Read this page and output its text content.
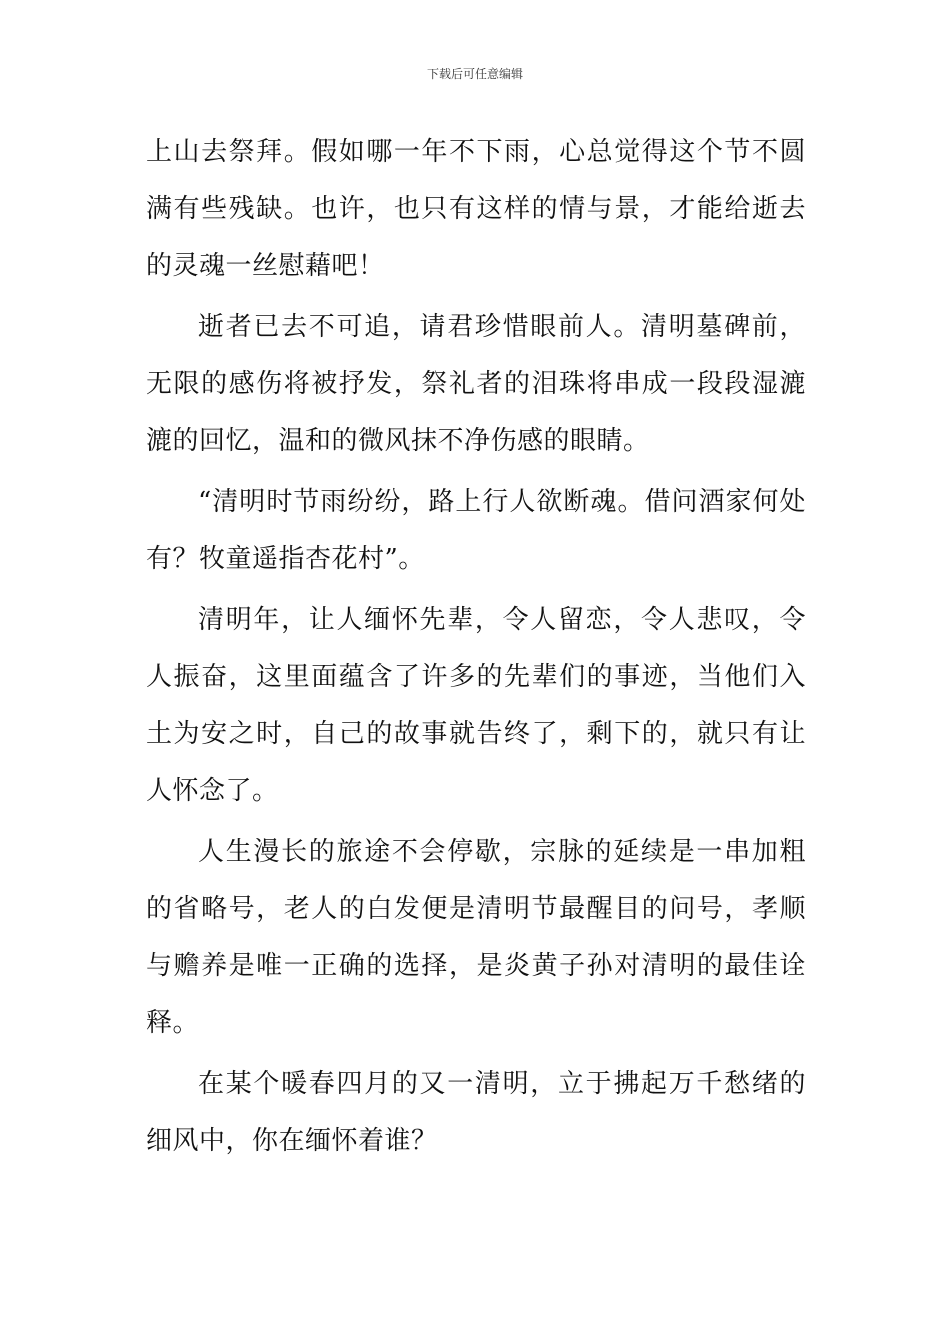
下载后可任意编辑

上山去祭拜。假如哪一年不下雨，心总觉得这个节不圆满有些残缺。也许，也只有这样的情与景，才能给逝去的灵魂一丝慰藉吧！

逝者已去不可追，请君珍惜眼前人。清明墓碑前，无限的感伤将被抒发，祭礼者的泪珠将串成一段段湿漉漉的回忆，温和的微风抹不净伤感的眼睛。

“清明时节雨纷纷，路上行人欲断魂。借问酒家何处有？牧童遥指杏花村”。

清明年，让人缅怀先辈，令人留恋，令人悲叹，令人振奋，这里面蕴含了许多的先辈们的事迹，当他们入土为安之时，自己的故事就告终了，剩下的，就只有让人怀念了。

人生漫长的旅途不会停歇，宗脉的延续是一串加粗的省略号，老人的白发便是清明节最醒目的问号，孝顺与赡养是唯一正确的选择，是炎黄子孙对清明的最佳诠释。

在某个暖春四月的又一清明，立于拂起万千愁绪的细风中，你在缅怀着谁？
